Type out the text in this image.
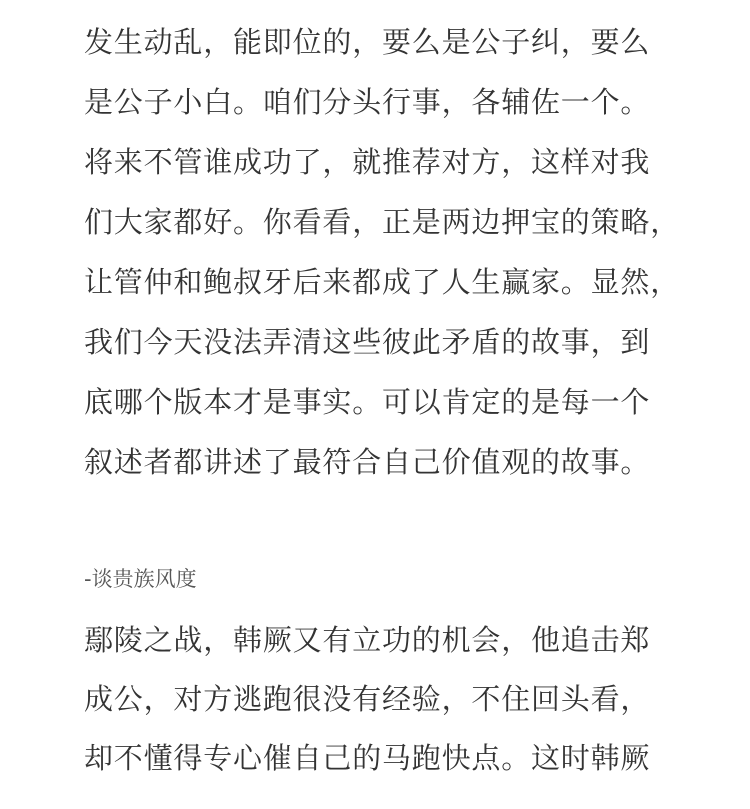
发生动乱，能即位的，要么是公子纠，要么
是公子小白。咱们分头行事，各辅佐一个。
将来不管谁成功了，就推荐对方，这样对我
们大家都好。你看看，正是两边押宝的策略，
让管仲和鲍叔牙后来都成了人生赢家。显然，
我们今天没法弄清这些彼此矛盾的故事，到
底哪个版本才是事实。可以肯定的是每一个
叙述者都讲述了最符合自己价值观的故事。

-谈贵族风度

鄢陵之战，韩厥又有立功的机会，他追击郑
成公，对方逃跑很没有经验，不住回头看，
却不懂得专心催自己的马跑快点。这时韩厥
